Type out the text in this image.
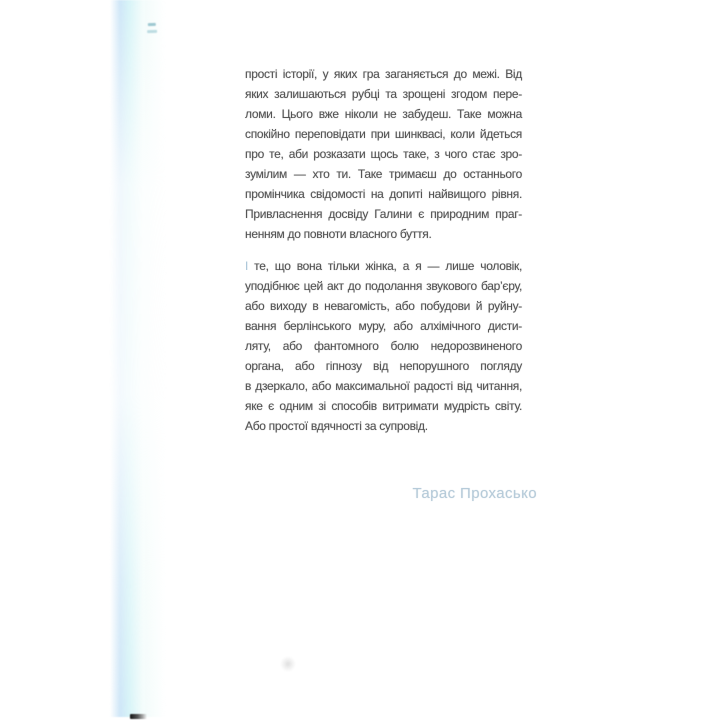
прості історії, у яких гра заганяється до межі. Від
яких залишаються рубці та зрощені згодом пере-
ломи. Цього вже ніколи не забудеш. Таке можна
спокійно переповідати при шинквасі, коли йдеться
про те, аби розказати щось таке, з чого стає зро-
зумілим — хто ти. Таке тримаєш до останнього
промінчика свідомості на допиті найвищого рівня.
Привласнення досвіду Галини є природним праг-
ненням до повноти власного буття.
І те, що вона тільки жінка, а я — лише чоловік,
уподібнює цей акт до подолання звукового бар’єру,
або виходу в невагомість, або побудови й руйну-
вання берлінського муру, або алхімічного дисти-
ляту, або фантомного болю недорозвиненого
органа, або гіпнозу від непорушного погляду
в дзеркало, або максимальної радості від читання,
яке є одним зі способів витримати мудрість світу.
Або простої вдячності за супровід.
Тарас Прохасько
